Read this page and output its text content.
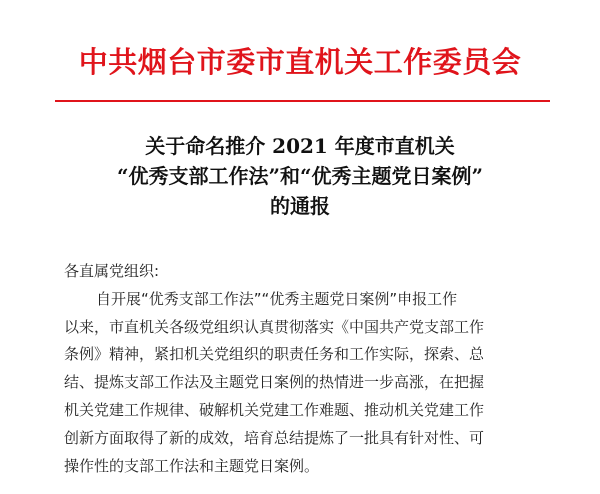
中共烟台市委市直机关工作委员会
关于命名推介 2021 年度市直机关
“优秀支部工作法”和“优秀主题党日案例”
的通报
各直属党组织:
自开展“优秀支部工作法”“优秀主题党日案例”申报工作
以来，市直机关各级党组织认真贯彻落实《中国共产党支部工作
条例》精神，紧扣机关党组织的职责任务和工作实际，探索、总
结、提炼支部工作法及主题党日案例的热情进一步高涨，在把握
机关党建工作规律、破解机关党建工作难题、推动机关党建工作
创新方面取得了新的成效，培育总结提炼了一批具有针对性、可
操作性的支部工作法和主题党日案例。
